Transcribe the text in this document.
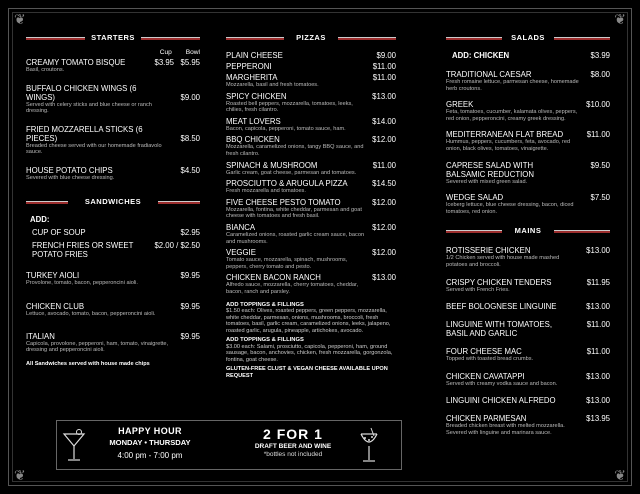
❦	❦
❦	❦
STARTERS
Cup Bowl
CREAMY TOMATO BISQUE	$3.95 $5.95
Basil, croutons.
BUFFALO CHICKEN WINGS (6 WINGS)	$9.00
Served with celery sticks and blue cheese or ranch dressing.
FRIED MOZZARELLA STICKS (6 PIECES)	$8.50
Breaded cheese served with our homemade fradiavolo sauce.
HOUSE POTATO CHIPS	$4.50
Severed with blue cheese dressing.
SANDWICHES
ADD:
CUP OF SOUP	$2.95
FRENCH FRIES OR SWEET POTATO FRIES
$2.00 / $2.50
TURKEY AIOLI	$9.95
Provolone, tomato, bacon, pepperoncini aioli.
CHICKEN CLUB	$9.95
Lettuce, avocado, tomato, bacon, pepperoncini aioli.
ITALIAN	$9.95
Capicola, provolone, pepperoni, ham, tomato, vinaigrette, dressing and pepperoncini aioli.
All Sandwiches served with house made chips
PIZZAS
PLAIN CHEESE	$9.00
PEPPERONI	$11.00
MARGHERITA	$11.00
Mozzarella, basil and fresh tomatoes.
SPICY CHICKEN	$13.00
Roasted bell peppers, mozzarella, tomatoes, leeks, chilies, fresh cilantro.
MEAT LOVERS	$14.00
Bacon, capicola, pepperoni, tomato sauce, ham.
BBQ CHICKEN	$12.00
Mozzarella, caramelized onions, tangy BBQ sauce, and fresh cilantro.
SPINACH & MUSHROOM	$11.00
Garlic cream, goat cheese, parmesan and tomatoes.
PROSCIUTTO & ARUGULA PIZZA	$14.50
Fresh mozzarella and tomatoes.
FIVE CHEESE PESTO TOMATO	$12.00
Mozzarella, fontina, white cheddar, parmesan and goat cheese with tomatoes and fresh basil.
BIANCA	$12.00
Caramelized onions, roasted garlic cream sauce, bacon and mushrooms.
VEGGIE	$12.00
Tomato sauce, mozzarella, spinach, mushrooms, peppers, cherry tomato and pesto.
CHICKEN BACON RANCH	$13.00
Alfredo sauce, mozzarella, cherry tomatoes, cheddar, bacon, ranch and parsley.
ADD TOPPINGS & FILLINGS
$1.50 each: Olives, roasted peppers, green peppers, mozzarella, white cheddar, parmesan, onions, mushrooms, broccoli, fresh tomatoes, basil, garlic cream, caramelized onions, leeks, jalapeno, roasted garlic, arugula, pineapple, artichokes, avocado.
ADD TOPPINGS & FILLINGS
$3.00 each: Salami, prosciutto, capicola, pepperoni, ham, ground sausage, bacon, anchovies, chicken, fresh mozzarella, gorgonzola, fontina, goat cheese.
GLUTEN-FREE CLUST & VEGAN CHEESE AVAILABLE UPON REQUEST
SALADS
ADD: CHICKEN	$3.99
TRADITIONAL CAESAR	$8.00
Fresh romaine lettuce, parmesan cheese, homemade herb croutons.
GREEK	$10.00
Feta, tomatoes, cucumber, kalamata olives, peppers, red onion, pepperoncini, creamy greek dressing.
MEDITERRANEAN FLAT BREAD	$11.00
Hummus, peppers, cucumbers, feta, avocado, red onion, black olives, tomatoes, vinaigrette.
CAPRESE SALAD WITH BALSAMIC REDUCTION
$9.50
Severed with mixed green salad.
WEDGE SALAD	$7.50
Iceberg lettuce, blue cheese dressing, bacon, diced tomatoes, red onion.
MAINS
ROTISSERIE CHICKEN	$13.00
1/2 Chicken served with house made mashed potatoes and broccoli.
CRISPY CHICKEN TENDERS	$11.95
Served with French Fries.
BEEF BOLOGNESE LINGUINE	$13.00
LINGUINE WITH TOMATOES, BASIL AND GARLIC
$11.00
FOUR CHEESE MAC	$11.00
Topped with toasted bread crumbs.
CHICKEN CAVATAPPI	$13.00
Served with creamy vodka sauce and bacon.
LINGUINI CHICKEN ALFREDO	$13.00
CHICKEN PARMESAN	$13.95
Breaded chicken breast with melted mozzarella. Severed with linguine and marinara sauce.
HAPPY HOUR
MONDAY • THURSDAY
4:00 pm - 7:00 pm
2 FOR 1
DRAFT BEER AND WINE
*bottles not included
